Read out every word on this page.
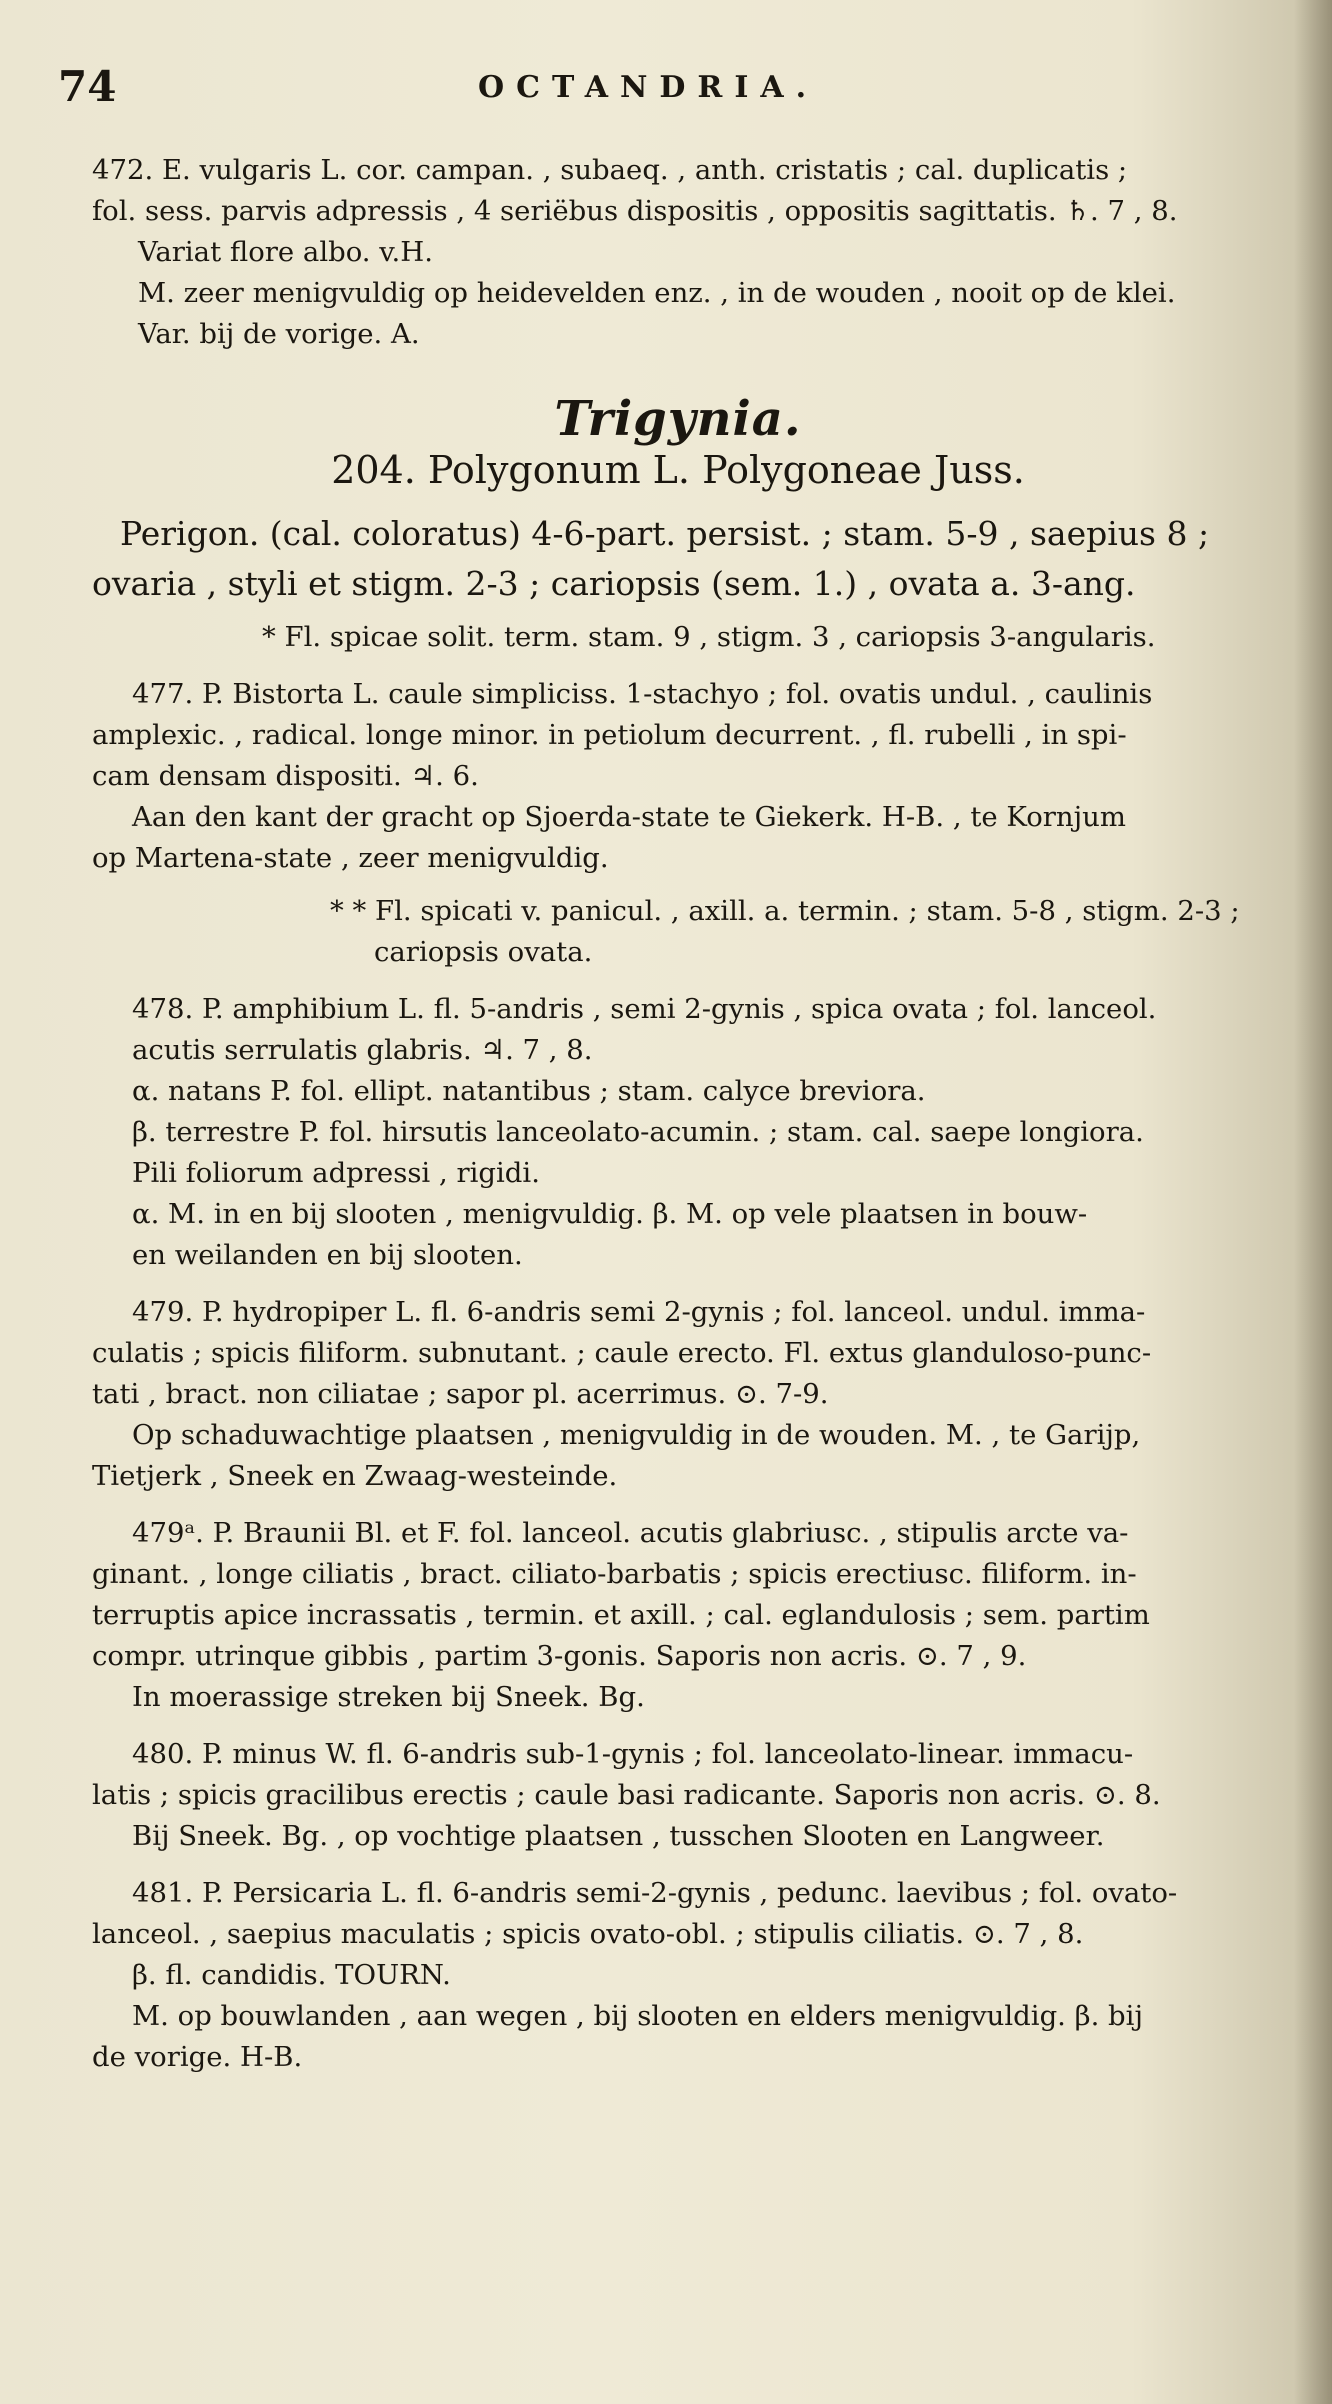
74	OCTANDRIA.
472. E. vulgaris L. cor. campan. , subaeq. , anth. cristatis ; cal. duplicatis ;
fol. sess. parvis adpressis , 4 seriëbus dispositis , oppositis sagittatis. ♄. 7 , 8.
Variat flore albo. v.H.
M. zeer menigvuldig op heidevelden enz. , in de wouden , nooit op de klei.
Var. bij de vorige. A.
Trigynia.
204. Polygonum L. Polygoneae Juss.
Perigon. (cal. coloratus) 4-6-part. persist. ; stam. 5-9 , saepius 8 ;
ovaria , styli et stigm. 2-3 ; cariopsis (sem. 1.) , ovata a. 3-ang.
* Fl. spicae solit. term. stam. 9 , stigm. 3 , cariopsis 3-angularis.
477. P. Bistorta L. caule simpliciss. 1-stachyo ; fol. ovatis undul. , caulinis
amplexic. , radical. longe minor. in petiolum decurrent. , fl. rubelli , in spi-
cam densam dispositi. ♃. 6.
Aan den kant der gracht op Sjoerda-state te Giekerk. H-B. , te Kornjum
op Martena-state , zeer menigvuldig.
* * Fl. spicati v. panicul. , axill. a. termin. ; stam. 5-8 , stigm. 2-3 ;
cariopsis ovata.
478. P. amphibium L. fl. 5-andris , semi 2-gynis , spica ovata ; fol. lanceol.
acutis serrulatis glabris. ♃. 7 , 8.
α. natans P. fol. ellipt. natantibus ; stam. calyce breviora.
β. terrestre P. fol. hirsutis lanceolato-acumin. ; stam. cal. saepe longiora.
Pili foliorum adpressi , rigidi.
α. M. in en bij slooten , menigvuldig. β. M. op vele plaatsen in bouw-
en weilanden en bij slooten.
479. P. hydropiper L. fl. 6-andris semi 2-gynis ; fol. lanceol. undul. imma-
culatis ; spicis filiform. subnutant. ; caule erecto. Fl. extus glanduloso-punc-
tati , bract. non ciliatae ; sapor pl. acerrimus. ⊙. 7-9.
Op schaduwachtige plaatsen , menigvuldig in de wouden. M. , te Garijp,
Tietjerk , Sneek en Zwaag-westeinde.
479ᵃ. P. Braunii Bl. et F. fol. lanceol. acutis glabriusc. , stipulis arcte va-
ginant. , longe ciliatis , bract. ciliato-barbatis ; spicis erectiusc. filiform. in-
terruptis apice incrassatis , termin. et axill. ; cal. eglandulosis ; sem. partim
compr. utrinque gibbis , partim 3-gonis. Saporis non acris. ⊙. 7 , 9.
In moerassige streken bij Sneek. Bg.
480. P. minus W. fl. 6-andris sub-1-gynis ; fol. lanceolato-linear. immacu-
latis ; spicis gracilibus erectis ; caule basi radicante. Saporis non acris. ⊙. 8.
Bij Sneek. Bg. , op vochtige plaatsen , tusschen Slooten en Langweer.
481. P. Persicaria L. fl. 6-andris semi-2-gynis , pedunc. laevibus ; fol. ovato-
lanceol. , saepius maculatis ; spicis ovato-obl. ; stipulis ciliatis. ⊙. 7 , 8.
β. fl. candidis. TOURN.
M. op bouwlanden , aan wegen , bij slooten en elders menigvuldig. β. bij
de vorige. H-B.
